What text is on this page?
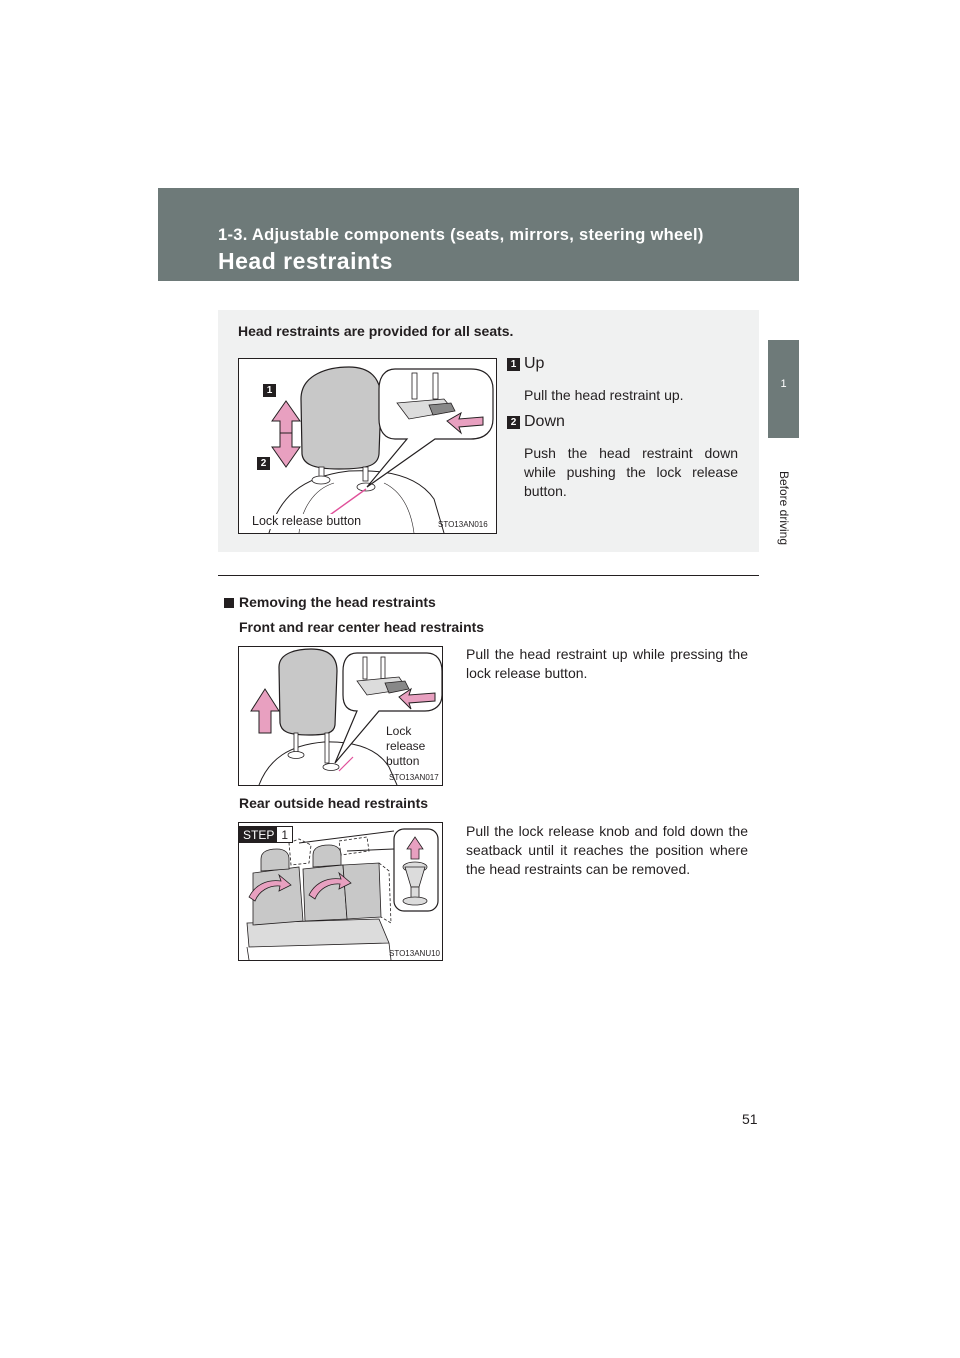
1-3. Adjustable components (seats, mirrors, steering wheel)
Head restraints
1
Before driving
Head restraints are provided for all seats.
1
2
Lock release button	STO13AN016
1 Up
Pull the head restraint up.
2 Down
Push the head restraint down while pushing the lock release button.
Removing the head restraints
Front and rear center head restraints
Lock
release
button
STO13AN017
Pull the head restraint up while pressing the lock release button.
Rear outside head restraints
STEP 1
STO13ANU10
Pull the lock release knob and fold down the seatback until it reaches the position where the head restraints can be removed.
51
